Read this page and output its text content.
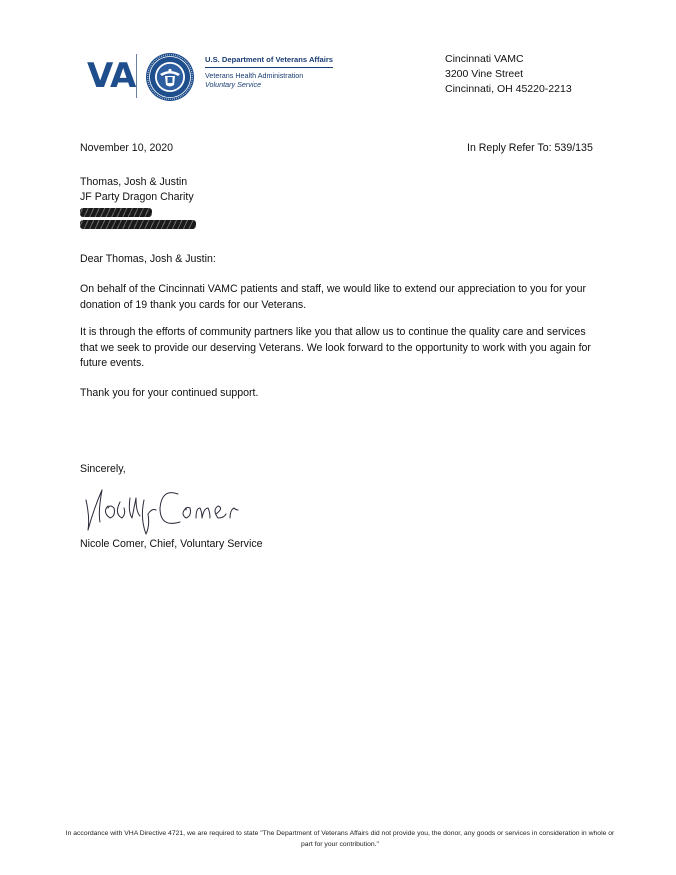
VA	U.S. Department of Veterans Affairs
Veterans Health Administration
Voluntary Service
Cincinnati VAMC
3200 Vine Street
Cincinnati, OH 45220-2213
November 10, 2020	In Reply Refer To: 539/135
Thomas, Josh & Justin
JF Party Dragon Charity
Dear Thomas, Josh & Justin:
On behalf of the Cincinnati VAMC patients and staff, we would like to extend our appreciation to you for your donation of 19 thank you cards for our Veterans.
It is through the efforts of community partners like you that allow us to continue the quality care and services that we seek to provide our deserving Veterans. We look forward to the opportunity to work with you again for future events.
Thank you for your continued support.
Sincerely,
Nicole Comer, Chief, Voluntary Service
In accordance with VHA Directive 4721, we are required to state "The Department of Veterans Affairs did not provide you, the donor, any goods or services in consideration in whole or part for your contribution."
